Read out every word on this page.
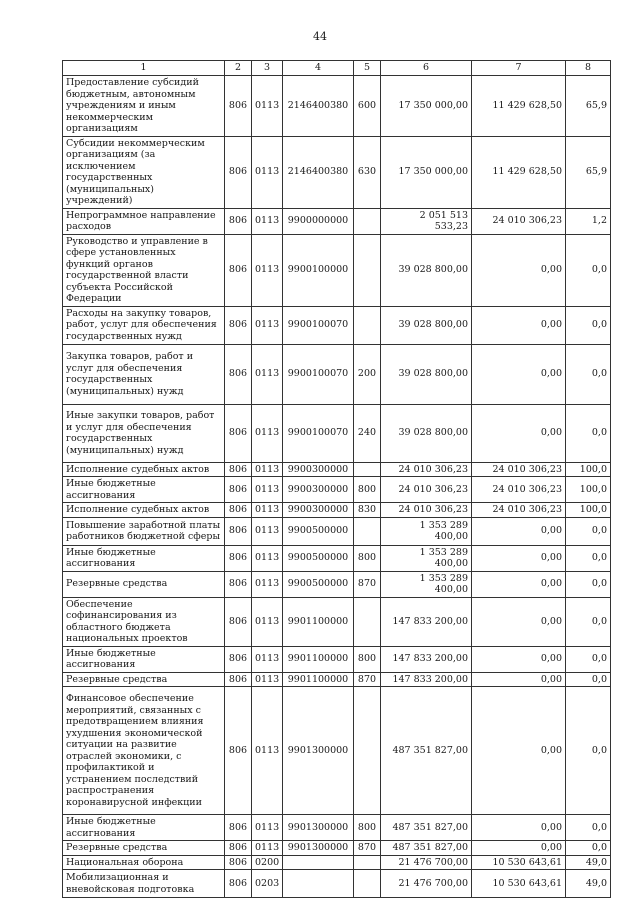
44
1	2	3	4	5	6	7	8
Предоставление субсидий бюджетным, автономным учреждениям и иным некоммерческим организациям	806	0113	2146400380	600	17 350 000,00	11 429 628,50	65,9
Субсидии некоммерческим организациям (за исключением государственных (муниципальных) учреждений)	806	0113	2146400380	630	17 350 000,00	11 429 628,50	65,9
Непрограммное направление расходов	806	0113	9900000000		2 051 513 533,23	24 010 306,23	1,2
Руководство и управление в сфере установленных функций органов государственной власти субъекта Российской Федерации	806	0113	9900100000		39 028 800,00	0,00	0,0
Расходы на закупку товаров, работ, услуг для обеспечения государственных нужд	806	0113	9900100070		39 028 800,00	0,00	0,0
Закупка товаров, работ и услуг для обеспечения государственных (муниципальных) нужд	806	0113	9900100070	200	39 028 800,00	0,00	0,0
Иные закупки товаров, работ и услуг для обеспечения государственных (муниципальных) нужд	806	0113	9900100070	240	39 028 800,00	0,00	0,0
Исполнение судебных актов	806	0113	9900300000		24 010 306,23	24 010 306,23	100,0
Иные бюджетные ассигнования	806	0113	9900300000	800	24 010 306,23	24 010 306,23	100,0
Исполнение судебных актов	806	0113	9900300000	830	24 010 306,23	24 010 306,23	100,0
Повышение заработной платы работников бюджетной сферы	806	0113	9900500000		1 353 289 400,00	0,00	0,0
Иные бюджетные ассигнования	806	0113	9900500000	800	1 353 289 400,00	0,00	0,0
Резервные средства	806	0113	9900500000	870	1 353 289 400,00	0,00	0,0
Обеспечение софинансирования из областного бюджета национальных проектов	806	0113	9901100000		147 833 200,00	0,00	0,0
Иные бюджетные ассигнования	806	0113	9901100000	800	147 833 200,00	0,00	0,0
Резервные средства	806	0113	9901100000	870	147 833 200,00	0,00	0,0
Финансовое обеспечение мероприятий, связанных с предотвращением влияния ухудшения экономической ситуации на развитие отраслей экономики, с профилактикой и устранением последствий распространения коронавирусной инфекции	806	0113	9901300000		487 351 827,00	0,00	0,0
Иные бюджетные ассигнования	806	0113	9901300000	800	487 351 827,00	0,00	0,0
Резервные средства	806	0113	9901300000	870	487 351 827,00	0,00	0,0
Национальная оборона	806	0200			21 476 700,00	10 530 643,61	49,0
Мобилизационная и вневойсковая подготовка	806	0203			21 476 700,00	10 530 643,61	49,0
